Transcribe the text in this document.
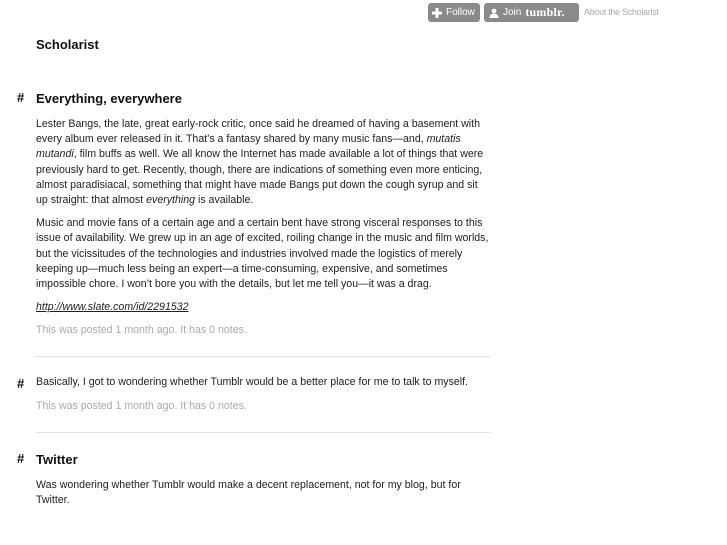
Follow	Join tumblr. About the Scholarist
Scholarist
# Everything, everywhere

Lester Bangs, the late, great early-rock critic, once said he dreamed of having a basement with every album ever released in it. That’s a fantasy shared by many music fans—and, mutatis mutandi, film buffs as well. We all know the Internet has made available a lot of things that were previously hard to get. Recently, though, there are indications of something even more enticing, almost paradisiacal, something that might have made Bangs put down the cough syrup and sit up straight: that almost everything is available.

Music and movie fans of a certain age and a certain bent have strong visceral responses to this issue of availability. We grew up in an age of excited, roiling change in the music and film worlds, but the vicissitudes of the technologies and industries involved made the logistics of merely keeping up—much less being an expert—a time-consuming, expensive, and sometimes impossible chore. I won’t bore you with the details, but let me tell you—it was a drag.

http://www.slate.com/id/2291532

This was posted 1 month ago. It has 0 notes.

# Basically, I got to wondering whether Tumblr would be a better place for me to talk to myself.

This was posted 1 month ago. It has 0 notes.

# Twitter

Was wondering whether Tumblr would make a decent replacement, not for my blog, but for Twitter.
